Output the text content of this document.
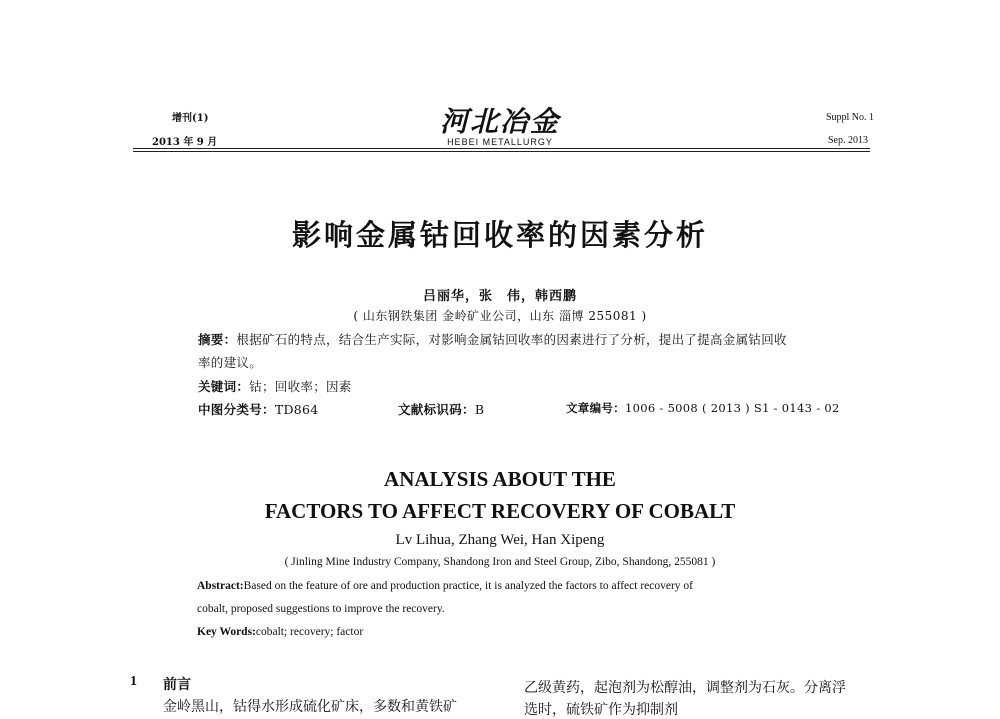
增刊(1)
2013 年 9 月
河北冶金
HEBEI METALLURGY
Suppl No. 1
Sep. 2013
影响金属钴回收率的因素分析
吕丽华，张　伟，韩西鹏
( 山东钢铁集团 金岭矿业公司，山东 淄博 255081 )
摘要：根据矿石的特点，结合生产实际，对影响金属钴回收率的因素进行了分析，提出了提高金属钴回收
率的建议。
关键词：钴；回收率；因素
中图分类号：TD864	文献标识码：B	文章编号：1006 - 5008 ( 2013 ) S1 - 0143 - 02
ANALYSIS ABOUT THE
FACTORS TO AFFECT RECOVERY OF COBALT
Lv Lihua, Zhang Wei, Han Xipeng
( Jinling Mine Industry Company, Shandong Iron and Steel Group, Zibo, Shandong, 255081 )
Abstract:Based on the feature of ore and production practice, it is analyzed the factors to affect recovery of
cobalt, proposed suggestions to improve the recovery.
Key Words:cobalt; recovery; factor
1 前言
金岭黑山，钴得水形成硫化矿床，多数和黄铁矿
乙级黄药，起泡剂为松醇油，调整剂为石灰。分离浮
选时，硫铁矿作为抑制剂
